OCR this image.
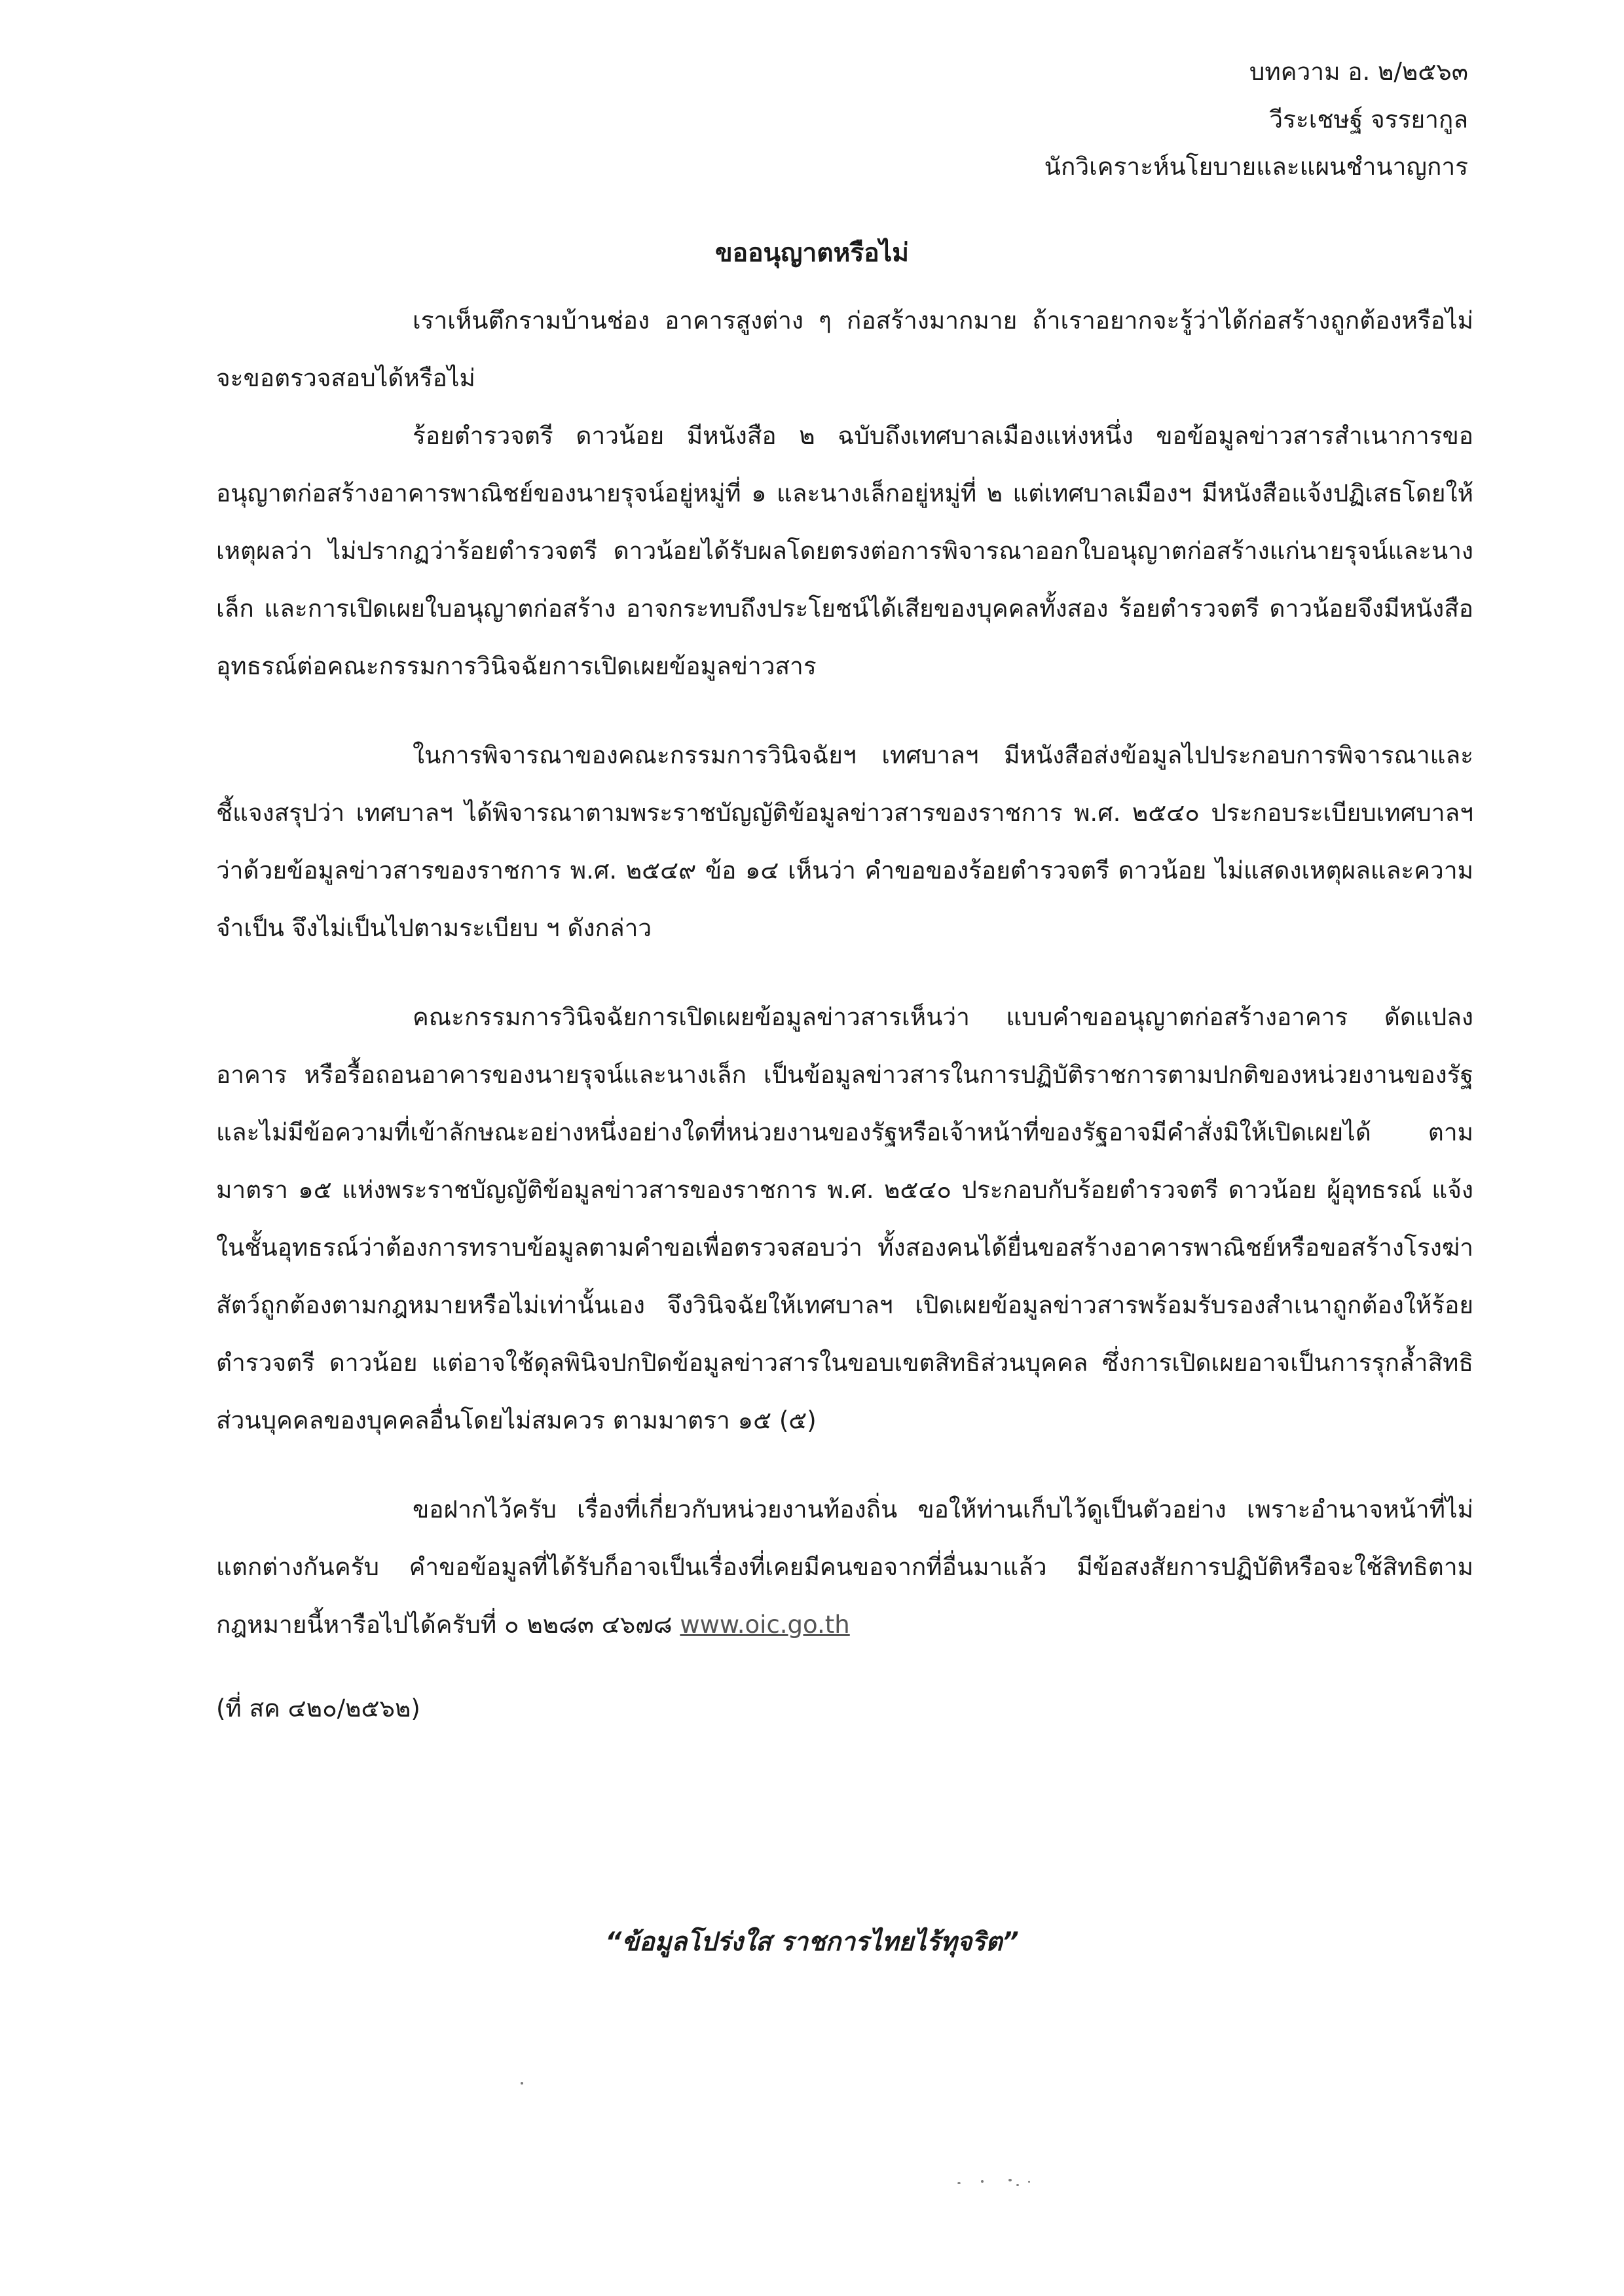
บทความ อ. ๒/๒๕๖๓
วีระเชษฐ์ จรรยากูล
นักวิเคราะห์นโยบายและแผนชำนาญการ
ขออนุญาตหรือไม่

เราเห็นตึกรามบ้านช่อง อาคารสูงต่าง ๆ ก่อสร้างมากมาย ถ้าเราอยากจะรู้ว่าได้ก่อสร้างถูกต้องหรือไม่ จะขอตรวจสอบได้หรือไม่

ร้อยตำรวจตรี ดาวน้อย มีหนังสือ ๒ ฉบับถึงเทศบาลเมืองแห่งหนึ่ง ขอข้อมูลข่าวสารสำเนาการขออนุญาตก่อสร้างอาคารพาณิชย์ของนายรุจน์อยู่หมู่ที่ ๑ และนางเล็กอยู่หมู่ที่ ๒ แต่เทศบาลเมืองฯ มีหนังสือแจ้งปฏิเสธโดยให้เหตุผลว่า ไม่ปรากฏว่าร้อยตำรวจตรี ดาวน้อยได้รับผลโดยตรงต่อการพิจารณาออกใบอนุญาตก่อสร้างแก่นายรุจน์และนางเล็ก และการเปิดเผยใบอนุญาตก่อสร้าง อาจกระทบถึงประโยชน์ได้เสียของบุคคลทั้งสอง ร้อยตำรวจตรี ดาวน้อยจึงมีหนังสืออุทธรณ์ต่อคณะกรรมการวินิจฉัยการเปิดเผยข้อมูลข่าวสาร

ในการพิจารณาของคณะกรรมการวินิจฉัยฯ เทศบาลฯ มีหนังสือส่งข้อมูลไปประกอบการพิจารณาและชี้แจงสรุปว่า เทศบาลฯ ได้พิจารณาตามพระราชบัญญัติข้อมูลข่าวสารของราชการ พ.ศ. ๒๕๔๐ ประกอบระเบียบเทศบาลฯ ว่าด้วยข้อมูลข่าวสารของราชการ พ.ศ. ๒๕๔๙ ข้อ ๑๔ เห็นว่า คำขอของร้อยตำรวจตรี ดาวน้อย ไม่แสดงเหตุผลและความจำเป็น จึงไม่เป็นไปตามระเบียบ ฯ ดังกล่าว

คณะกรรมการวินิจฉัยการเปิดเผยข้อมูลข่าวสารเห็นว่า แบบคำขออนุญาตก่อสร้างอาคาร ดัดแปลงอาคาร หรือรื้อถอนอาคารของนายรุจน์และนางเล็ก เป็นข้อมูลข่าวสารในการปฏิบัติราชการตามปกติของหน่วยงานของรัฐ และไม่มีข้อความที่เข้าลักษณะอย่างหนึ่งอย่างใดที่หน่วยงานของรัฐหรือเจ้าหน้าที่ของรัฐอาจมีคำสั่งมิให้เปิดเผยได้ ตามมาตรา ๑๕ แห่งพระราชบัญญัติข้อมูลข่าวสารของราชการ พ.ศ. ๒๕๔๐ ประกอบกับร้อยตำรวจตรี ดาวน้อย ผู้อุทธรณ์ แจ้งในชั้นอุทธรณ์ว่าต้องการทราบข้อมูลตามคำขอเพื่อตรวจสอบว่า ทั้งสองคนได้ยื่นขอสร้างอาคารพาณิชย์หรือขอสร้างโรงฆ่าสัตว์ถูกต้องตามกฎหมายหรือไม่เท่านั้นเอง จึงวินิจฉัยให้เทศบาลฯ เปิดเผยข้อมูลข่าวสารพร้อมรับรองสำเนาถูกต้องให้ร้อยตำรวจตรี ดาวน้อย แต่อาจใช้ดุลพินิจปกปิดข้อมูลข่าวสารในขอบเขตสิทธิส่วนบุคคล ซึ่งการเปิดเผยอาจเป็นการรุกล้ำสิทธิส่วนบุคคลของบุคคลอื่นโดยไม่สมควร ตามมาตรา ๑๕ (๕)

ขอฝากไว้ครับ เรื่องที่เกี่ยวกับหน่วยงานท้องถิ่น ขอให้ท่านเก็บไว้ดูเป็นตัวอย่าง เพราะอำนาจหน้าที่ไม่แตกต่างกันครับ คำขอข้อมูลที่ได้รับก็อาจเป็นเรื่องที่เคยมีคนขอจากที่อื่นมาแล้ว มีข้อสงสัยการปฏิบัติหรือจะใช้สิทธิตามกฎหมายนี้หารือไปได้ครับที่ ๐ ๒๒๘๓ ๔๖๗๘ www.oic.go.th

(ที่ สค ๔๒๐/๒๕๖๒)

“ข้อมูลโปร่งใส ราชการไทยไร้ทุจริต”
